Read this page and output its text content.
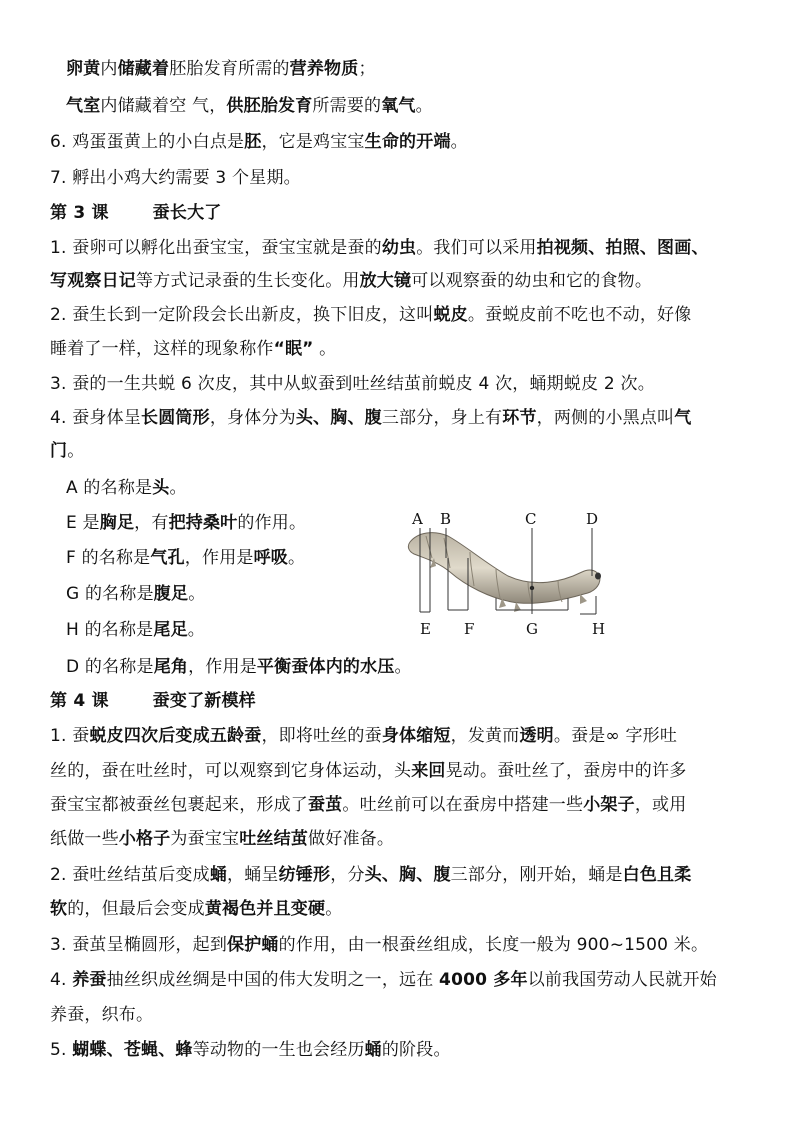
卵黄内储藏着胚胎发育所需的营养物质；
气室内储藏着空 气，供胚胎发育所需要的氧气。
6. 鸡蛋蛋黄上的小白点是胚，它是鸡宝宝生命的开端。
7. 孵出小鸡大约需要 3 个星期。
第 3 课	蚕长大了
1. 蚕卵可以孵化出蚕宝宝，蚕宝宝就是蚕的幼虫。我们可以采用拍视频、拍照、图画、
写观察日记等方式记录蚕的生长变化。用放大镜可以观察蚕的幼虫和它的食物。
2. 蚕生长到一定阶段会长出新皮，换下旧皮，这叫蜕皮。蚕蜕皮前不吃也不动，好像
睡着了一样，这样的现象称作“眠” 。
3. 蚕的一生共蜕 6 次皮，其中从蚁蚕到吐丝结茧前蜕皮 4 次，蛹期蜕皮 2 次。
4. 蚕身体呈长圆筒形，身体分为头、胸、腹三部分，身上有环节，两侧的小黑点叫气
门。
A 的名称是头。
E 是胸足，有把持桑叶的作用。
F 的名称是气孔，作用是呼吸。
G 的名称是腹足。
H 的名称是尾足。
D 的名称是尾角，作用是平衡蚕体内的水压。
A B	C	D
E F	G	H
第 4 课	蚕变了新模样
1. 蚕蜕皮四次后变成五龄蚕，即将吐丝的蚕身体缩短，发黄而透明。蚕是∞ 字形吐
丝的，蚕在吐丝时，可以观察到它身体运动，头来回晃动。蚕吐丝了，蚕房中的许多
蚕宝宝都被蚕丝包裹起来，形成了蚕茧。吐丝前可以在蚕房中搭建一些小架子，或用
纸做一些小格子为蚕宝宝吐丝结茧做好准备。
2. 蚕吐丝结茧后变成蛹，蛹呈纺锤形，分头、胸、腹三部分，刚开始，蛹是白色且柔
软的，但最后会变成黄褐色并且变硬。
3. 蚕茧呈椭圆形，起到保护蛹的作用，由一根蚕丝组成，长度一般为 900~1500 米。
4. 养蚕抽丝织成丝绸是中国的伟大发明之一，远在 4000 多年以前我国劳动人民就开始
养蚕，织布。
5. 蝴蝶、苍蝇、蜂等动物的一生也会经历蛹的阶段。
